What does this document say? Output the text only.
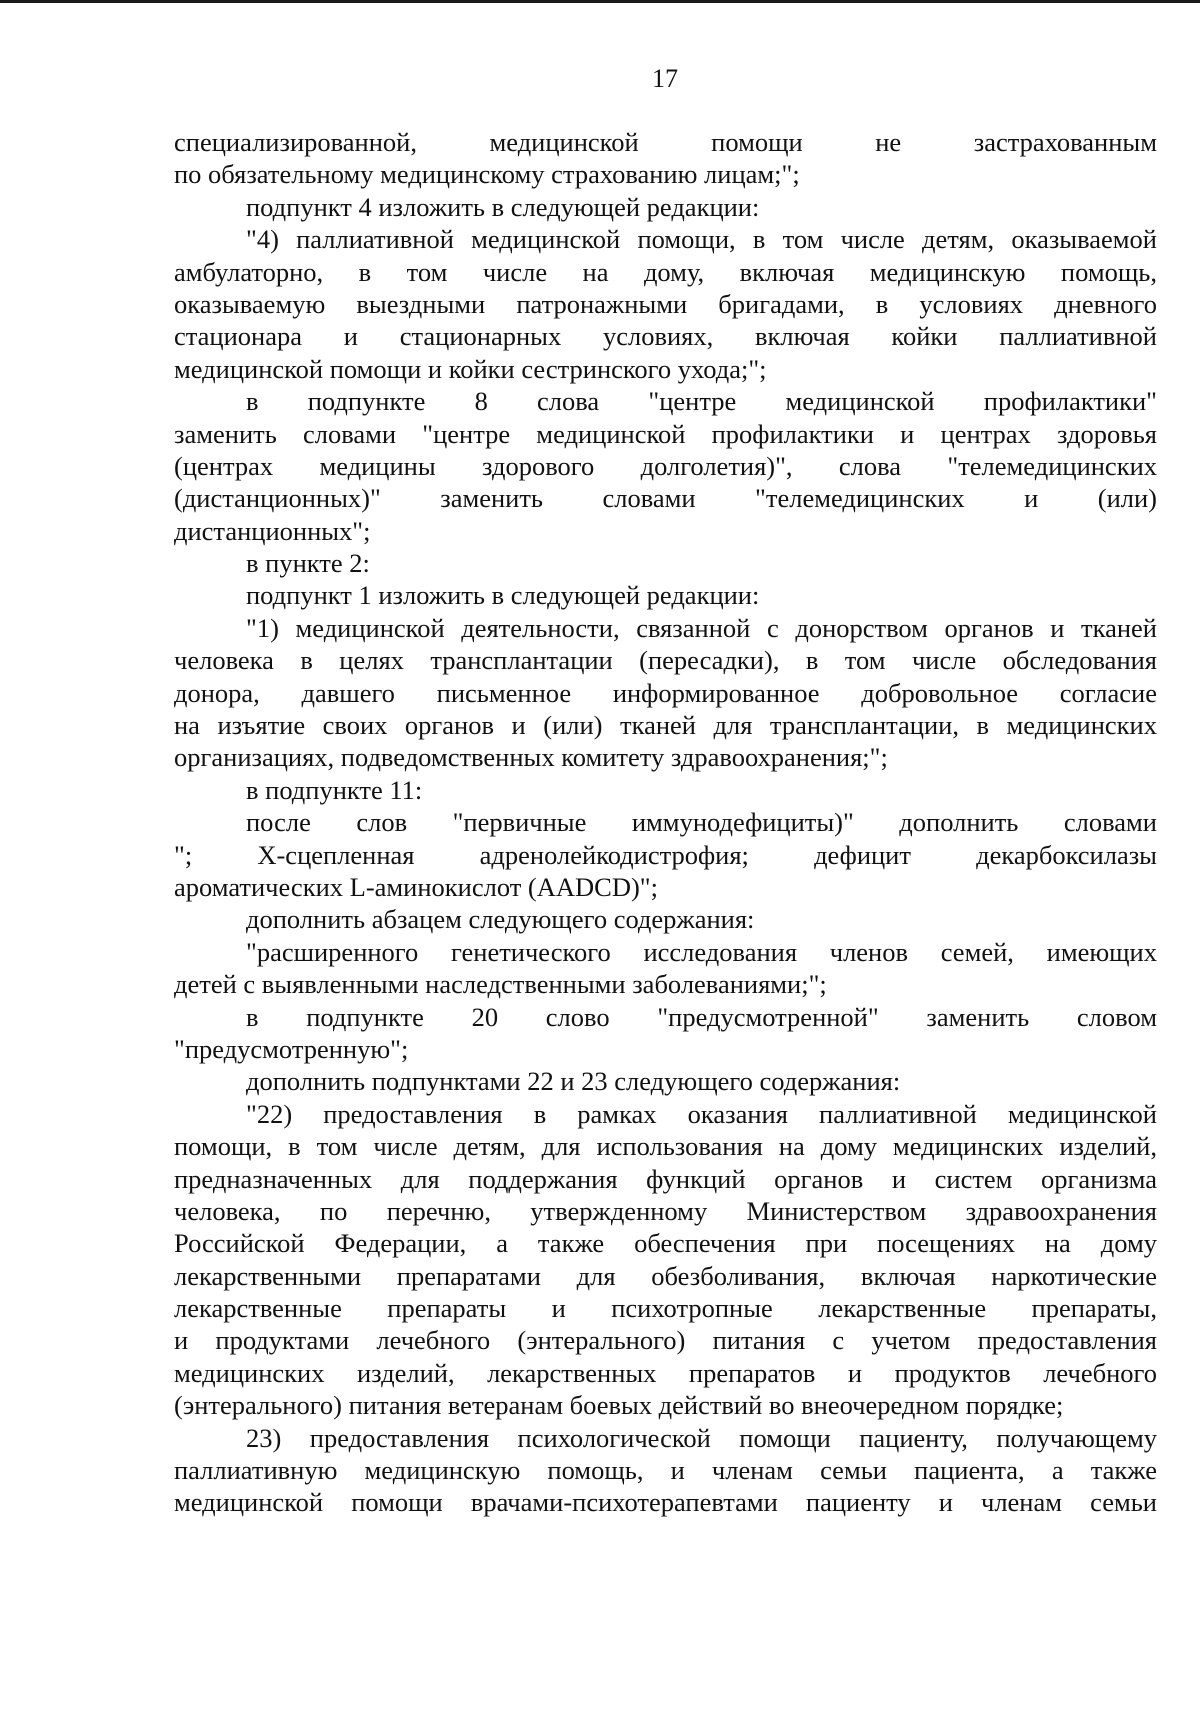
17
специализированной, медицинской помощи не застрахованным
по обязательному медицинскому страхованию лицам;";
подпункт 4 изложить в следующей редакции:
"4) паллиативной медицинской помощи, в том числе детям, оказываемой
амбулаторно, в том числе на дому, включая медицинскую помощь,
оказываемую выездными патронажными бригадами, в условиях дневного
стационара и стационарных условиях, включая койки паллиативной
медицинской помощи и койки сестринского ухода;";
в подпункте 8 слова "центре медицинской профилактики"
заменить словами "центре медицинской профилактики и центрах здоровья
(центрах медицины здорового долголетия)", слова "телемедицинских
(дистанционных)" заменить словами "телемедицинских и (или)
дистанционных";
в пункте 2:
подпункт 1 изложить в следующей редакции:
"1) медицинской деятельности, связанной с донорством органов и тканей
человека в целях трансплантации (пересадки), в том числе обследования
донора, давшего письменное информированное добровольное согласие
на изъятие своих органов и (или) тканей для трансплантации, в медицинских
организациях, подведомственных комитету здравоохранения;";
в подпункте 11:
после слов "первичные иммунодефициты)" дополнить словами
"; Х-сцепленная адренолейкодистрофия; дефицит декарбоксилазы
ароматических L-аминокислот (AADCD)";
дополнить абзацем следующего содержания:
"расширенного генетического исследования членов семей, имеющих
детей с выявленными наследственными заболеваниями;";
в подпункте 20 слово "предусмотренной" заменить словом
"предусмотренную";
дополнить подпунктами 22 и 23 следующего содержания:
"22) предоставления в рамках оказания паллиативной медицинской
помощи, в том числе детям, для использования на дому медицинских изделий,
предназначенных для поддержания функций органов и систем организма
человека, по перечню, утвержденному Министерством здравоохранения
Российской Федерации, а также обеспечения при посещениях на дому
лекарственными препаратами для обезболивания, включая наркотические
лекарственные препараты и психотропные лекарственные препараты,
и продуктами лечебного (энтерального) питания с учетом предоставления
медицинских изделий, лекарственных препаратов и продуктов лечебного
(энтерального) питания ветеранам боевых действий во внеочередном порядке;
23) предоставления психологической помощи пациенту, получающему
паллиативную медицинскую помощь, и членам семьи пациента, а также
медицинской помощи врачами-психотерапевтами пациенту и членам семьи
